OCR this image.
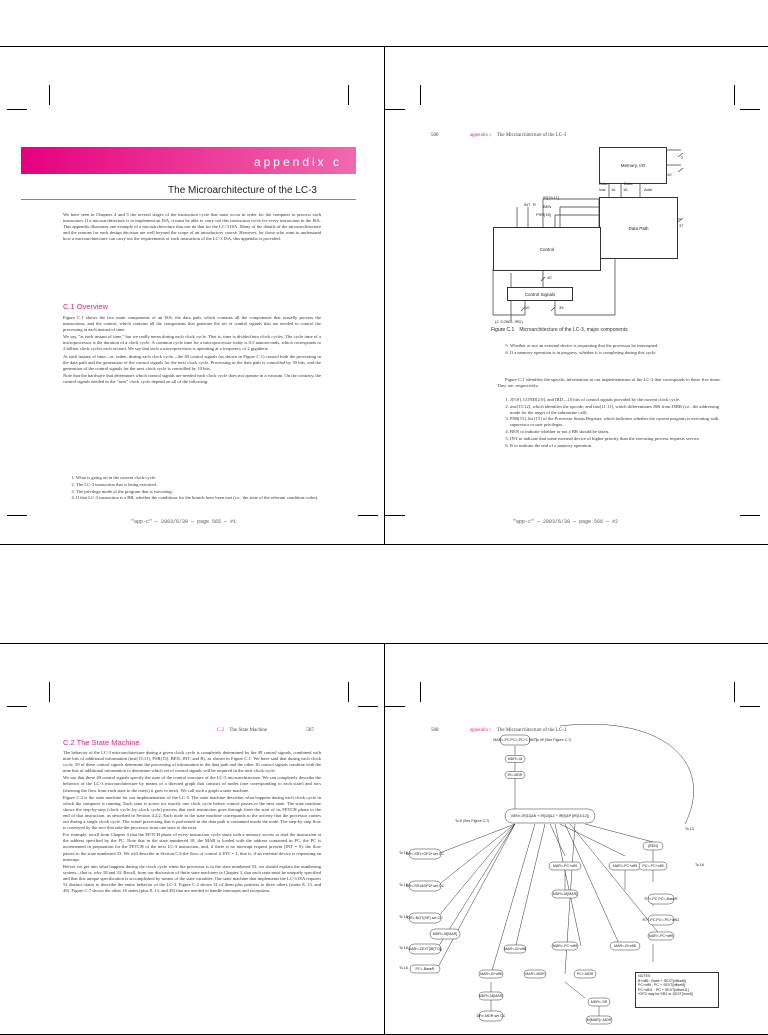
appendix c
The Microarchitecture of the LC-3
We have seen in Chapters 4 and 5 the several stages of the instruction cycle that must occur in order for the computer to process each instruction. If a microarchitecture is to implement an ISA, it must be able to carry out this instruction cycle for every instruction in the ISA. This appendix illustrates one example of a microarchitecture that can do that for the LC-3 ISA. Many of the details of the microarchitecture and the reasons for each design decision are well beyond the scope of an introductory course. However, for those who want to understand how a microarchitecture can carry out the requirements of each instruction of the LC-3 ISA, this appendix is provided.
C.1 Overview

Figure C.1 shows the two main components of an ISA: the data path, which contains all the components that actually process the instructions, and the control, which contains all the components that generate the set of control signals that are needed to control the processing at each instant of time.

We say, "at each instant of time," but we really mean during each clock cycle. That is, time is divided into clock cycles. The cycle time of a microprocessor is the duration of a clock cycle. A common cycle time for a microprocessor today is 0.5 nanoseconds, which corresponds to 2 billion clock cycles each second. We say that such a microprocessor is operating at a frequency of 2 gigahertz.

At each instant of time—or, rather, during each clock cycle—the 49 control signals (as shown in Figure C.1) control both the processing in the data path and the generation of the control signals for the next clock cycle. Processing in the data path is controlled by 39 bits, and the generation of the control signals for the next clock cycle is controlled by 10 bits.

Note that the hardware that determines which control signals are needed each clock cycle does not operate in a vacuum. On the contrary, the control signals needed in the "next" clock cycle depend on all of the following:

1. What is going on in the current clock cycle.
2. The LC-3 instruction that is being executed.
3. The privilege mode of the program that is executing.
4. If that LC-3 instruction is a BR, whether the conditions for the branch have been met (i.e., the state of the relevant condition codes).
"app-c" — 2003/6/30 — page 565 — #1
566	appendix c The Microarchitecture of the LC-3
Memory, I/O
Data Path
Control
Control Signals
Data
Inst. 16
Data
16	Addr
10
2
37
IR[15:11]
BEN
PSR[15]
INT R
49
10	39
(J, COND, IRD)
Figure C.1 Microarchitecture of the LC-3, major components
5. Whether or not an external device is requesting that the processor be interrupted.
6. If a memory operation is in progress, whether it is completing during this cycle.
Figure C.1 identifies the specific information in our implementation of the LC-3 that corresponds to these five items. They are, respectively:
1. J[5:0], COND[2:0], and IRD—10 bits of control signals provided by the current clock cycle.
2. inst[15:12], which identifies the opcode, and inst[11:11], which differentiates JSR from JSRR (i.e., the addressing mode for the target of the subroutine call).
3. PSR[15], bit [15] of the Processor Status Register, which indicates whether the current program is executing with supervisor or user privileges.
4. BEN to indicate whether or not a BR should be taken.
5. INT to indicate that some external device of higher priority than the executing process requests service.
6. R to indicate the end of a memory operation.
"app-c" — 2003/6/30 — page 566 — #2
C.2 The State Machine	567
C.2 The State Machine

The behavior of the LC-3 microarchitecture during a given clock cycle is completely determined by the 49 control signals, combined with nine bits of additional information (inst[15:11], PSR[15], BEN, INT, and R), as shown in Figure C.1. We have said that during each clock cycle, 39 of these control signals determine the processing of information in the data path and the other 10 control signals combine with the nine bits of additional information to determine which set of control signals will be required in the next clock cycle.

We say that these 49 control signals specify the state of the control structure of the LC-3 microarchitecture. We can completely describe the behavior of the LC-3 microarchitecture by means of a directed graph that consists of nodes (one corresponding to each state) and arcs (showing the flow from each state to the one(s) it goes to next). We call such a graph a state machine.

Figure C.2 is the state machine for our implementation of the LC-3. The state machine describes what happens during each clock cycle in which the computer is running. Each state is active for exactly one clock cycle before control passes to the next state. The state machine shows the step-by-step (clock cycle–by–clock cycle) process that each instruction goes through from the start of its FETCH phase to the end of that instruction, as described in Section 4.2.2. Each node in the state machine corresponds to the activity that the processor carries out during a single clock cycle. The actual processing that is performed in the data path is contained inside the node. The step-by-step flow is conveyed by the arcs that take the processor from one state to the next.

For example, recall from Chapter 4 that the FETCH phase of every instruction cycle starts with a memory access to read the instruction at the address specified by the PC. Note that in the state numbered 18, the MAR is loaded with the address contained in PC, the PC is incremented in preparation for the FETCH of the next LC-3 instruction, and, if there is no interrupt request present (INT = 0), the flow passes to the state numbered 33. We will describe in Section C.6 the flow of control if INT = 1, that is, if an external device is requesting an interrupt.

Before we get into what happens during the clock cycle when the processor is in the state numbered 33, we should explain the numbering system—that is, why 18 and 33. Recall, from our discussion of finite state machines in Chapter 3, that each state must be uniquely specified and that this unique specification is accomplished by means of the state variables. Our state machine that implements the LC-3 ISA requires 52 distinct states to describe the entire behavior of the LC-3. Figure C.2 shows 31 of them plus pointers to three others (states 8, 13, and 49). Figure C.7 shows the other 18 states (plus 8, 13, and 49) that are needed to handle interrupts and exceptions.

568	appendix c The Microarchitecture of the LC-3
MAR<-PC PC<-PC+1 [INT]
MDR<-M
IR<-MDR
BEN<-IR[11]&N + IR[10]&Z + IR[9]&P [IR[15:12]]
DR<-SR1+OP2* set CC
DR<-SR1&OP2* set CC
DR<-NOT(SR) set CC
MAR<-ZEXT[IR[7:0]]
PC<-BaseR
MAR<-B+off6
MAR<-PC+off9
MAR<-PC+off9
MAR<-PC+off9
MAR<-B+off6
MAR<-B+off6
MAR<-PC+off9
[BEN]
PC<-PC+off9
R7<-PC PC<-BaseR
R7<-PC PC<-PC+off11
MDR<-M[MAR]
DR<-MDR set CC
MDR<-SR
M[MAR]<-MDR
MDR<-M[MAR]
PC<-MDR
MAR<-MDR
MDR<-M[MAR]
To 18
To 18
To 18
To 18
To 18
To 18
To 49 (See Figure C.7)
To 8 (See Figure C.7)
To 13
NOTES
B+off6 : Base + SEXT[offset6]
PC+off9 : PC + SEXT[offset9]
PC+off11 : PC + SEXT[offset11]
*OP2 may be SR2 or SEXT[imm5]
